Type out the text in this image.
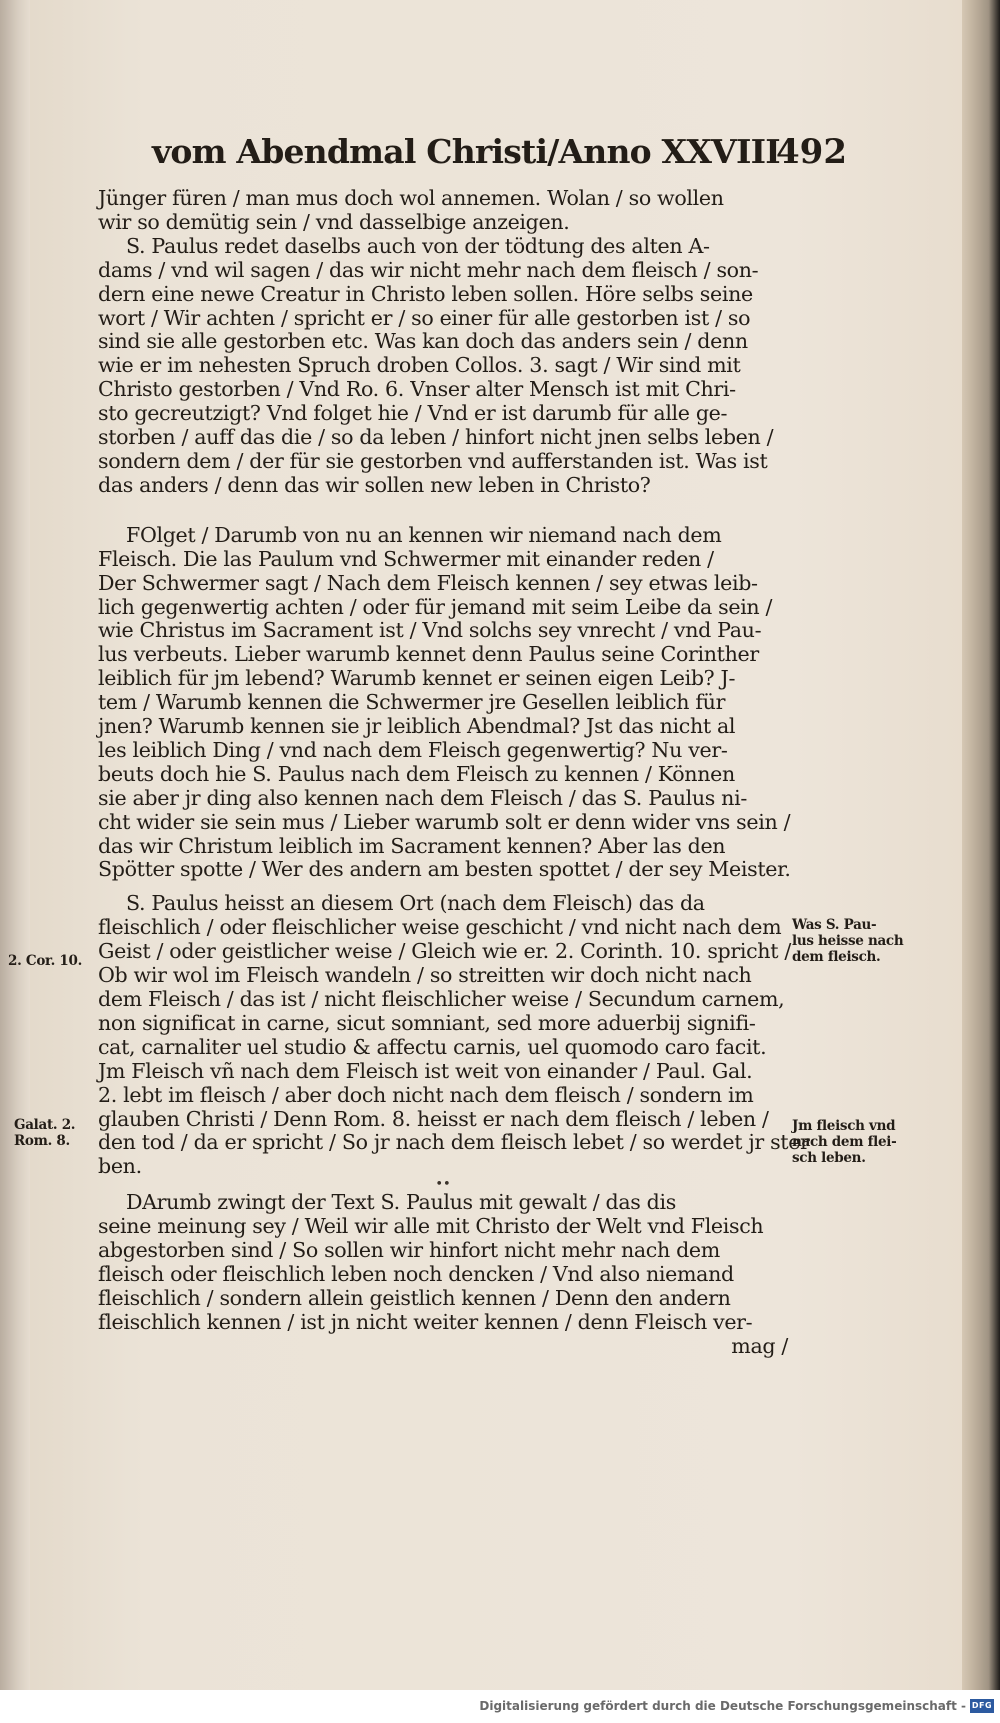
vom Abendmal Christi/Anno XXVIII
492
Jünger füren / man mus doch wol annemen. Wolan / so wollen
wir so demütig sein / vnd dasselbige anzeigen.
S. Paulus redet daselbs auch von der tödtung des alten A-
dams / vnd wil sagen / das wir nicht mehr nach dem fleisch / son-
dern eine newe Creatur in Christo leben sollen. Höre selbs seine
wort / Wir achten / spricht er / so einer für alle gestorben ist / so
sind sie alle gestorben etc. Was kan doch das anders sein / denn
wie er im nehesten Spruch droben Collos. 3. sagt / Wir sind mit
Christo gestorben / Vnd Ro. 6. Vnser alter Mensch ist mit Chri-
sto gecreutzigt? Vnd folget hie / Vnd er ist darumb für alle ge-
storben / auff das die / so da leben / hinfort nicht jnen selbs leben /
sondern dem / der für sie gestorben vnd aufferstanden ist. Was ist
das anders / denn das wir sollen new leben in Christo?
FOlget / Darumb von nu an kennen wir niemand nach dem
Fleisch. Die las Paulum vnd Schwermer mit einander reden /
Der Schwermer sagt / Nach dem Fleisch kennen / sey etwas leib-
lich gegenwertig achten / oder für jemand mit seim Leibe da sein /
wie Christus im Sacrament ist / Vnd solchs sey vnrecht / vnd Pau-
lus verbeuts. Lieber warumb kennet denn Paulus seine Corinther
leiblich für jm lebend? Warumb kennet er seinen eigen Leib? J-
tem / Warumb kennen die Schwermer jre Gesellen leiblich für
jnen? Warumb kennen sie jr leiblich Abendmal? Jst das nicht al
les leiblich Ding / vnd nach dem Fleisch gegenwertig? Nu ver-
beuts doch hie S. Paulus nach dem Fleisch zu kennen / Können
sie aber jr ding also kennen nach dem Fleisch / das S. Paulus ni-
cht wider sie sein mus / Lieber warumb solt er denn wider vns sein /
das wir Christum leiblich im Sacrament kennen? Aber las den
Spötter spotte / Wer des andern am besten spottet / der sey Meister.
S. Paulus heisst an diesem Ort (nach dem Fleisch) das da
fleischlich / oder fleischlicher weise geschicht / vnd nicht nach dem
Geist / oder geistlicher weise / Gleich wie er. 2. Corinth. 10. spricht /
Ob wir wol im Fleisch wandeln / so streitten wir doch nicht nach
dem Fleisch / das ist / nicht fleischlicher weise / Secundum carnem,
non significat in carne, sicut somniant, sed more aduerbij signifi-
cat, carnaliter uel studio & affectu carnis, uel quomodo caro facit.
Jm Fleisch vñ nach dem Fleisch ist weit von einander / Paul. Gal.
2. lebt im fleisch / aber doch nicht nach dem fleisch / sondern im
glauben Christi / Denn Rom. 8. heisst er nach dem fleisch / leben /
den tod / da er spricht / So jr nach dem fleisch lebet / so werdet jr ster
ben.
••
DArumb zwingt der Text S. Paulus mit gewalt / das dis
seine meinung sey / Weil wir alle mit Christo der Welt vnd Fleisch
abgestorben sind / So sollen wir hinfort nicht mehr nach dem
fleisch oder fleischlich leben noch dencken / Vnd also niemand
fleischlich / sondern allein geistlich kennen / Denn den andern
fleischlich kennen / ist jn nicht weiter kennen / denn Fleisch ver-
mag /
Was S. Pau-
lus heisse nach
dem fleisch.
Jm fleisch vnd
nach dem flei-
sch leben.
2. Cor. 10.
Galat. 2.
Rom. 8.
Digitalisierung gefördert durch die Deutsche Forschungsgemeinschaft - DFG
